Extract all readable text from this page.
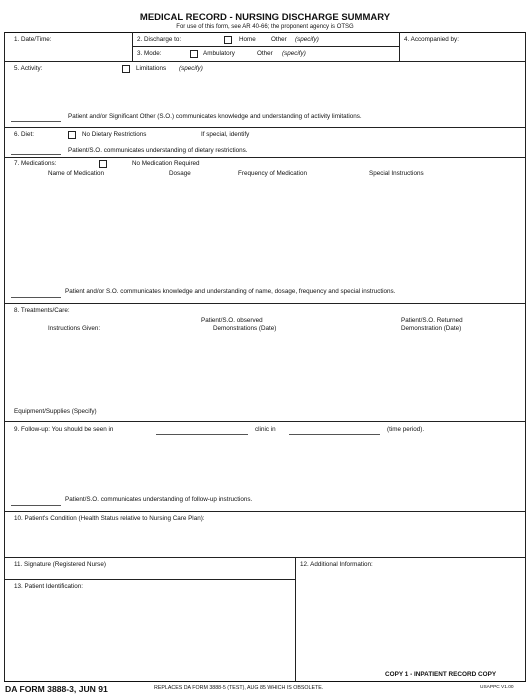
MEDICAL RECORD - NURSING DISCHARGE SUMMARY
For use of this form, see AR 40-66; the proponent agency is OTSG
1. Date/Time:	2. Discharge to:	Home Other (specify)
3. Mode:	Ambulatory	Other (specify)
4. Accompanied by:
5. Activity:	Limitations (specify)
Patient and/or Significant Other (S.O.) communicates knowledge and understanding of activity limitations.
6. Diet:	No Dietary Restrictions	If special, identify
Patient/S.O. communicates understanding of dietary restrictions.
7. Medications:	No Medication Required
Name of Medication	Dosage	Frequency of Medication	Special Instructions
Patient and/or S.O. communicates knowledge and understanding of name, dosage, frequency and special instructions.
8. Treatments/Care:
Instructions Given:
Patient/S.O. observed
Demonstrations (Date)
Patient/S.O. Returned
Demonstration (Date)
Equipment/Supplies (Specify)
9. Follow-up: You should be seen in	clinic in	(time period).
Patient/S.O. communicates understanding of follow-up instructions.
10. Patient's Condition (Health Status relative to Nursing Care Plan):
11. Signature (Registered Nurse)	12. Additional Information:
13. Patient Identification:
COPY 1 - INPATIENT RECORD COPY
DA FORM 3888-3, JUN 91	REPLACES DA FORM 3888-5 (TEST), AUG 85 WHICH IS OBSOLETE.	USAPPC V1.00
